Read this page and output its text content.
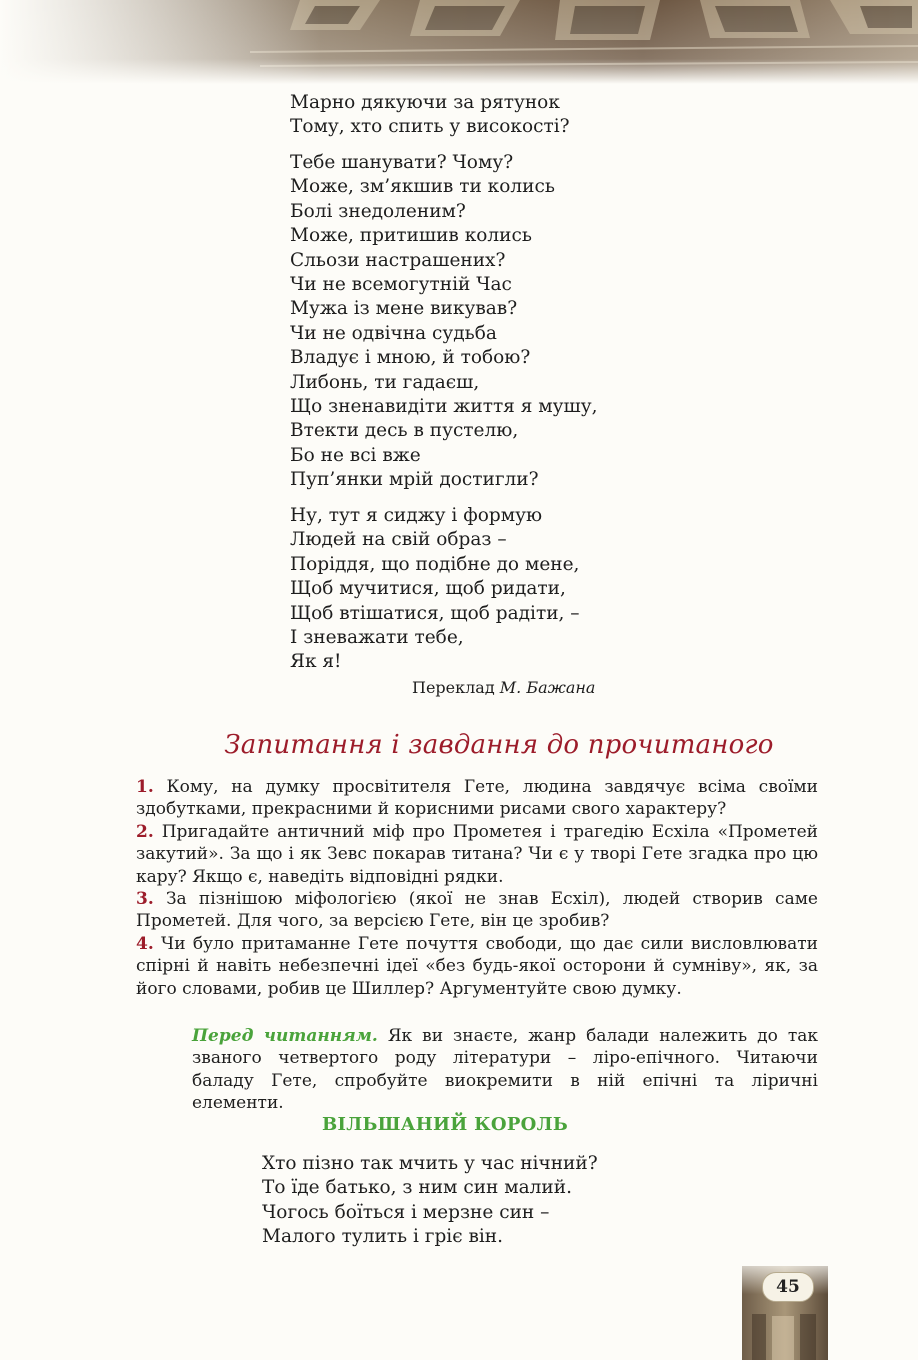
Марно дякуючи за рятунок
Тому, хто спить у високості?
Тебе шанувати? Чому?
Може, зм’якшив ти колись
Болі знедоленим?
Може, притишив колись
Сльози настрашених?
Чи не всемогутній Час
Мужа із мене викував?
Чи не одвічна судьба
Владує і мною, й тобою?
Либонь, ти гадаєш,
Що зненавидіти життя я мушу,
Втекти десь в пустелю,
Бо не всі вже
Пуп’янки мрій достигли?
Ну, тут я сиджу і формую
Людей на свій образ –
Поріддя, що подібне до мене,
Щоб мучитися, щоб ридати,
Щоб втішатися, щоб радіти, –
І зневажати тебе,
Як я!
Переклад М. Бажана
Запитання і завдання до прочитаного

1. Кому, на думку просвітителя Гете, людина завдячує всіма своїми здобутками, прекрасними й корисними рисами свого характеру?

2. Пригадайте античний міф про Прометея і трагедію Есхіла «Прометей закутий». За що і як Зевс покарав титана? Чи є у творі Гете згадка про цю кару? Якщо є, наведіть відповідні рядки.

3. За пізнішою міфологією (якої не знав Есхіл), людей створив саме Прометей. Для чого, за версією Гете, він це зробив?

4. Чи було притаманне Гете почуття свободи, що дає сили висловлювати спірні й навіть небезпечні ідеї «без будь-якої осторони й сумніву», як, за його словами, робив це Шиллер? Аргументуйте свою думку.

Перед читанням. Як ви знаєте, жанр балади належить до так званого четвертого роду літератури – ліро-епічного. Читаючи баладу Гете, спробуйте виокремити в ній епічні та ліричні елементи.
ВІЛЬШАНИЙ КОРОЛЬ
Хто пізно так мчить у час нічний?
То їде батько, з ним син малий.
Чогось боїться і мерзне син –
Малого тулить і гріє він.
45
